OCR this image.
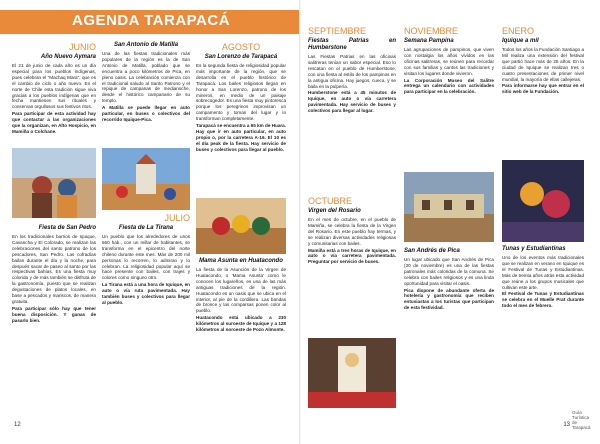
AGENDA TARAPACÁ
JUNIO
Año Nuevo Aymara

El 21 de junio de cada año es un día especial para los pueblos indígenas, pues celebran el "Machaq Mara", que es el cambio de ciclo o año nuevo. En el norte de Chile esta tradición sigue viva gracias a los pueblos indígenas que en fecha mantienen sus rituales y conservan orgullosos sus festivos ritos.

Para participar de esta actividad hay que contactar a las organizaciones que la organizan, en Alto Hospicio, en Mamiña o Colchane.

Fiesta de San Pedro

En los tradicionales barrios de Iquique, Cavancha y El Colorado, se realizan las celebraciones del santo patrono de los pescadores, San Pedro. Las cofradías bailan durante el día y la noche, para después sacar de paseo al santo por las respectivas bahías. Es una fiesta muy colorida y de más también se disfruta de la gastronomía, puesto que se realizan degustaciones de platos locales, en base a pescados y mariscos, de manera gratuita.

Para participar sólo hay que tener buena disposición. Y ganas de pasarlo bien.

San Antonio de Matilla

Una de las fiestas tradicionales más populares de la región es la de San Antonio de Matilla, poblado que se encuentra a poco kilómetros de Pica, en pleno oasis. La celebración comienza con el tradicional saludo al Santo Patrono y el repique de campanas de medianoche, desde el histórico campanario de su templo.

A Matilla se puede llegar en auto particular, en buses o colectivos del recorrido Iquique-Pica.

JULIO
Fiesta de La Tirana

Un pueblo que los alrededores de unos 560 hab., con un millar de habitantes, se transforma en el epicentro del norte chileno durante este mes. Más de 200 mil personas lo recorren, lo admiran y lo celebran. La religiosidad popular aquí se hace presente con bailes, con trajes y colores como ninguno otro.

La Tirana está a una hora de Iquique, en auto o vía ruta pavimentada. Hay también buses y colectivos para llegar al pueblo.

AGOSTO
San Lorenzo de Tarapacá

Es la segunda fiesta de religiosidad popular más importante de la región, que se desarrolla en el pueblo histórico de Tarapacá. Los bailes religiosos llegan en honor a San Lorenzo, patrono de los mineros, en medio de un paisaje sobrecogedor. Es una fiesta muy pintoresca porque los peregrinos improvisan un campamento y toman del lugar y lo transforman completamente.

Tarapacá se encuentra a 65 km de Huara. Hay que ir en auto particular, en auto propio o, por la carretera A-16. El 10 es el día peak de la fiesta. Hay servicio de buses y colectivos para llegar al pueblo.

Mama Asunta en Huatacondo

La fiesta de la Asunción de la Virgen de Huatacondo, o 'Mama Asunta' como le conocen los lugareños, es una de las más antiguas tradiciones de la región. Huatacondo es un oasis que se ubica en el interior, al pie de la cordillera. Las bandas de bronce y las comparsas ponen color al pueblo.

Huatacondo está ubicado a 230 kilómetros al suroeste de Iquique y a 128 kilómetros al noroeste de Pozo Almonte.

12
SEPTIEMBRE
Fiestas Patrias en Humberstone

Las Fiestas Patrias en las oficinas salitreras tenían un sabor especial. Eso lo rescatan en el pueblo de Humberstone, con una fiesta al estilo de los pampinos en la antigua oficina. Hay juegos, cueca, y se baila en la pulpería.

Humberstone está a 45 minutos de Iquique, en auto o vía carretera pavimentada. Hay servicio de buses y colectivos para llegar al lugar.

OCTUBRE
Virgen del Rosario

En el mes de octubre, en el pueblo de Mamiña, se celebra la fiesta de la Virgen del Rosario. En este pueblo hay termas, y se realizan diversas actividades religiosas y comunitarias con bailes.

Mamiña está a tres horas de Iquique, en auto o vía carretera pavimentada. Preguntar por servicio de buses.

NOVIEMBRE
Semana Pampina

Las agrupaciones de pampinos, que viven con nostalgia los años vividos en las oficinas salitreras, se reúnen para recordar con sus familias y cantos las tradiciones y visitan los lugares donde vivieron.

La Corporación Museo del Salitre entrega un calendario con actividades para participar en la celebración.

San Andrés de Pica

Un lugar ubicado que San Andrés de Pica (30 de noviembre) es una de las fiestas patronales más coloridas de la comuna. Se celebra con bailes religiosos y es una linda oportunidad para visitar el oasis.

Pica dispone de abundante oferta de hotelería y gastronomía que reciben entusiastas a los turistas que participan de esta festividad.

ENERO
Iquique a mil

Todos los años la Fundación Santiago a Mil realiza una extensión del festival que partió hace más de 25 años. En la ciudad de Iquique se realizan tres o cuatro presentaciones de primer nivel mundial, la mayoría de ellas callejeras.

Para informarse hay que entrar en el sitio web de la Fundación.

Tunas y Estudiantinas

Uno de los eventos más tradicionales que se realizan en verano en Iquique es el Festival de Tunas y Estudiantinas. Más de treinta años atrás esta actividad que reúne a los grupos musicales que cultivan este arte.

El Festival de Tunas y Estudiantinas se celebra en el Muelle Prat durante todo el mes de febrero.

Guía Turística de Tarapacá
13
